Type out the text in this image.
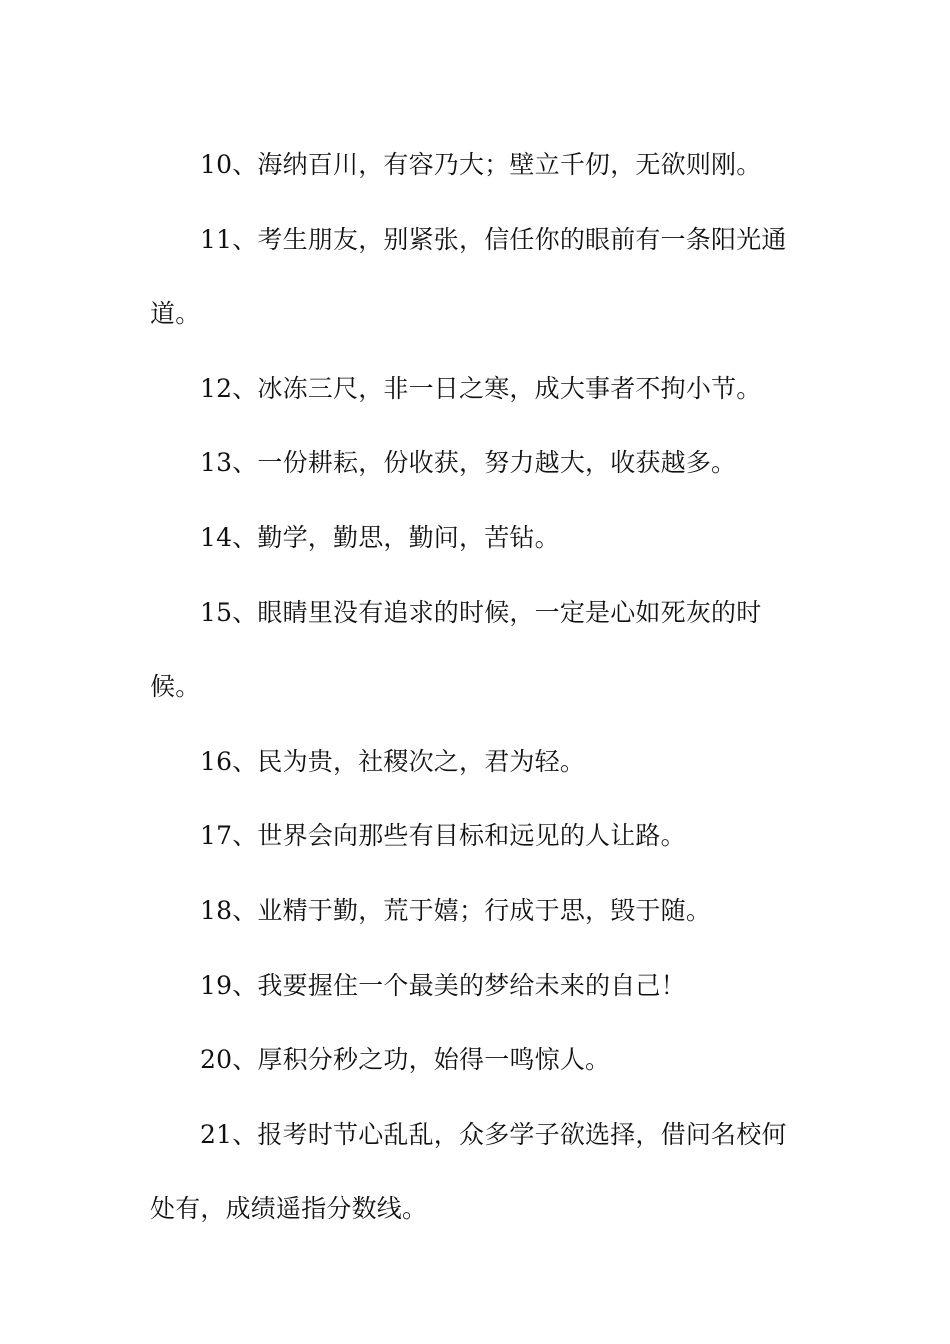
10、海纳百川，有容乃大；壁立千仞，无欲则刚。

11、考生朋友，别紧张，信任你的眼前有一条阳光通道。

12、冰冻三尺，非一日之寒，成大事者不拘小节。

13、一份耕耘，份收获，努力越大，收获越多。

14、勤学，勤思，勤问，苦钻。

15、眼睛里没有追求的时候，一定是心如死灰的时候。

16、民为贵，社稷次之，君为轻。

17、世界会向那些有目标和远见的人让路。

18、业精于勤，荒于嬉；行成于思，毁于随。

19、我要握住一个最美的梦给未来的自己！

20、厚积分秒之功，始得一鸣惊人。

21、报考时节心乱乱，众多学子欲选择，借问名校何处有，成绩遥指分数线。
